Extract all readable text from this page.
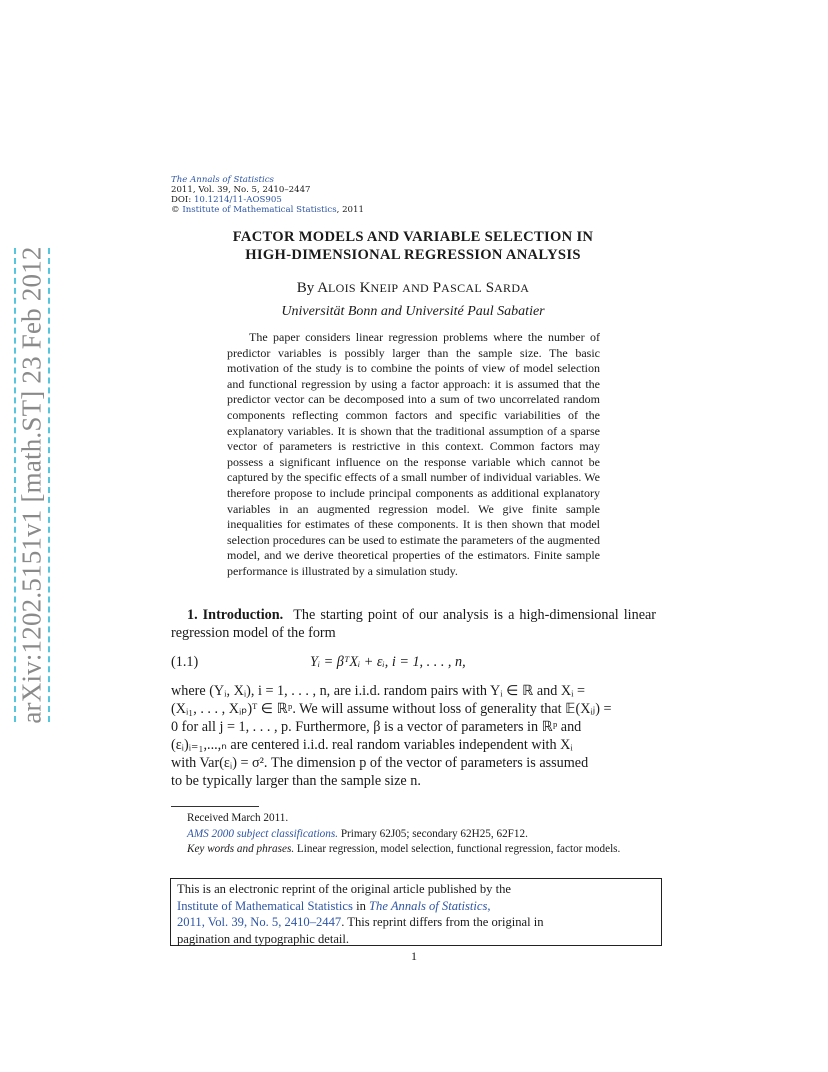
arXiv:1202.5151v1 [math.ST] 23 Feb 2012
The Annals of Statistics
2011, Vol. 39, No. 5, 2410–2447
DOI: 10.1214/11-AOS905
© Institute of Mathematical Statistics, 2011
FACTOR MODELS AND VARIABLE SELECTION IN
HIGH-DIMENSIONAL REGRESSION ANALYSIS
By ALOIS KNEIP AND PASCAL SARDA
Universität Bonn and Université Paul Sabatier
The paper considers linear regression problems where the number of predictor variables is possibly larger than the sample size. The basic motivation of the study is to combine the points of view of model selection and functional regression by using a factor approach: it is assumed that the predictor vector can be decomposed into a sum of two uncorrelated random components reflecting common factors and specific variabilities of the explanatory variables. It is shown that the traditional assumption of a sparse vector of parameters is restrictive in this context. Common factors may possess a significant influence on the response variable which cannot be captured by the specific effects of a small number of individual variables. We therefore propose to include principal components as additional explanatory variables in an augmented regression model. We give finite sample inequalities for estimates of these components. It is then shown that model selection procedures can be used to estimate the parameters of the augmented model, and we derive theoretical properties of the estimators. Finite sample performance is illustrated by a simulation study.
1. Introduction. The starting point of our analysis is a high-dimensional linear regression model of the form
(1.1)	Yᵢ = βᵀXᵢ + εᵢ, i = 1, . . . , n,
where (Yᵢ, Xᵢ), i = 1, . . . , n, are i.i.d. random pairs with Yᵢ ∈ ℝ and Xᵢ =
(Xᵢ₁, . . . , Xᵢₚ)ᵀ ∈ ℝᵖ. We will assume without loss of generality that 𝔼(Xᵢⱼ) =
0 for all j = 1, . . . , p. Furthermore, β is a vector of parameters in ℝᵖ and
(εᵢ)ᵢ₌₁,...,ₙ are centered i.i.d. real random variables independent with Xᵢ
with Var(εᵢ) = σ². The dimension p of the vector of parameters is assumed
to be typically larger than the sample size n.
Received March 2011.
AMS 2000 subject classifications. Primary 62J05; secondary 62H25, 62F12.
Key words and phrases. Linear regression, model selection, functional regression, factor models.
This is an electronic reprint of the original article published by the
Institute of Mathematical Statistics in The Annals of Statistics,
2011, Vol. 39, No. 5, 2410–2447. This reprint differs from the original in
pagination and typographic detail.
1
